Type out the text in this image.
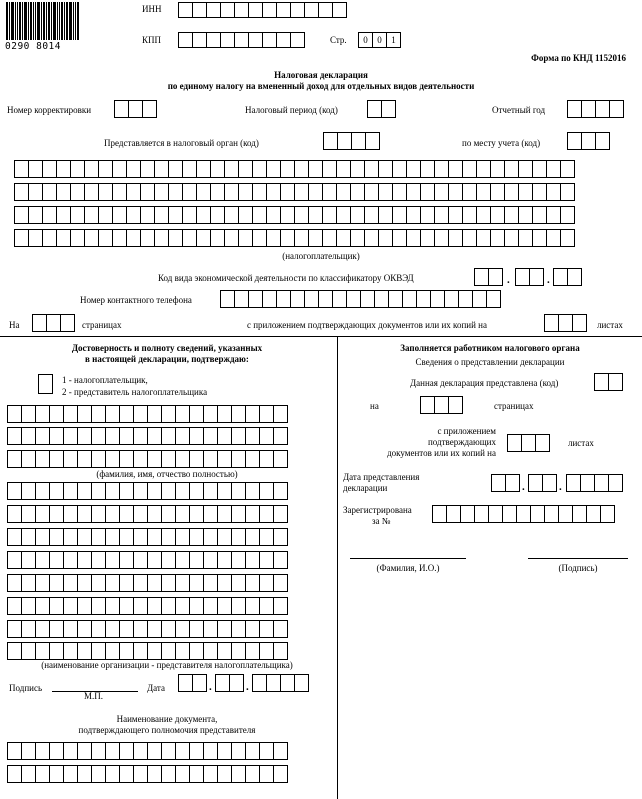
0290 8014
ИНН
КПП	Стр.	0	0	1
Форма по КНД 1152016
Налоговая декларация
по единому налогу на вмененный доход для отдельных видов деятельности
Номер корректировки	Налоговый период (код)	Отчетный год
Представляется в налоговый орган (код)	по месту учета (код)
(налогоплательщик)
Код вида экономической деятельности по классификатору ОКВЭД	.	.
Номер контактного телефона
На	страницах	с приложением подтверждающих документов или их копий на	листах
Достоверность и полноту сведений, указанных
в настоящей декларации, подтверждаю:
1 - налогоплательщик,
2 - представитель налогоплательщика
(фамилия, имя, отчество полностью)
(наименование организации - представителя налогоплательщика)
Подпись
М.П.
Дата	.	.
Наименование документа,
подтверждающего полномочия представителя
Заполняется работником налогового органа
Сведения о представлении декларации
Данная декларация представлена (код)
на	страницах
с приложением
подтверждающих
документов или их копий на
листах
Дата представления
декларации	.	.
Зарегистрирована
за №
(Фамилия, И.О.)	(Подпись)
